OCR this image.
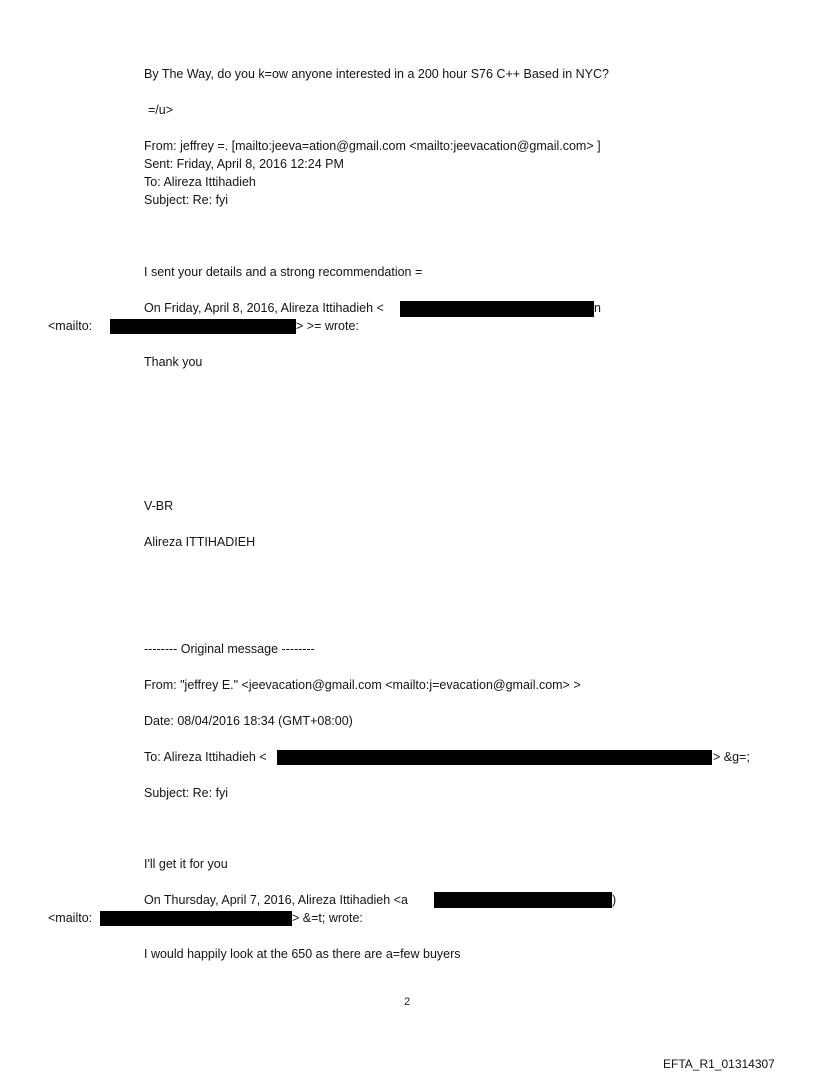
By The Way, do you k=ow anyone interested in a 200 hour S76 C++ Based in NYC?
=/u>
From: jeffrey =. [mailto:jeeva=ation@gmail.com <mailto:jeevacation@gmail.com> ]
Sent: Friday, April 8, 2016 12:24 PM
To: Alireza Ittihadieh
Subject: Re: fyi
I sent your details and a strong recommendation =
On Friday, April 8, 2016, Alireza Ittihadieh <	n
<mailto:	> >= wrote:
Thank you
V-BR
Alireza ITTIHADIEH
-------- Original message --------
From: "jeffrey E." <jeevacation@gmail.com <mailto:j=evacation@gmail.com> >
Date: 08/04/2016 18:34 (GMT+08:00)
To: Alireza Ittihadieh <	> &g=;
Subject: Re: fyi
I'll get it for you
On Thursday, April 7, 2016, Alireza Ittihadieh <a	)
<mailto:	> &=t; wrote:
I would happily look at the 650 as there are a=few buyers
2
EFTA_R1_01314307
